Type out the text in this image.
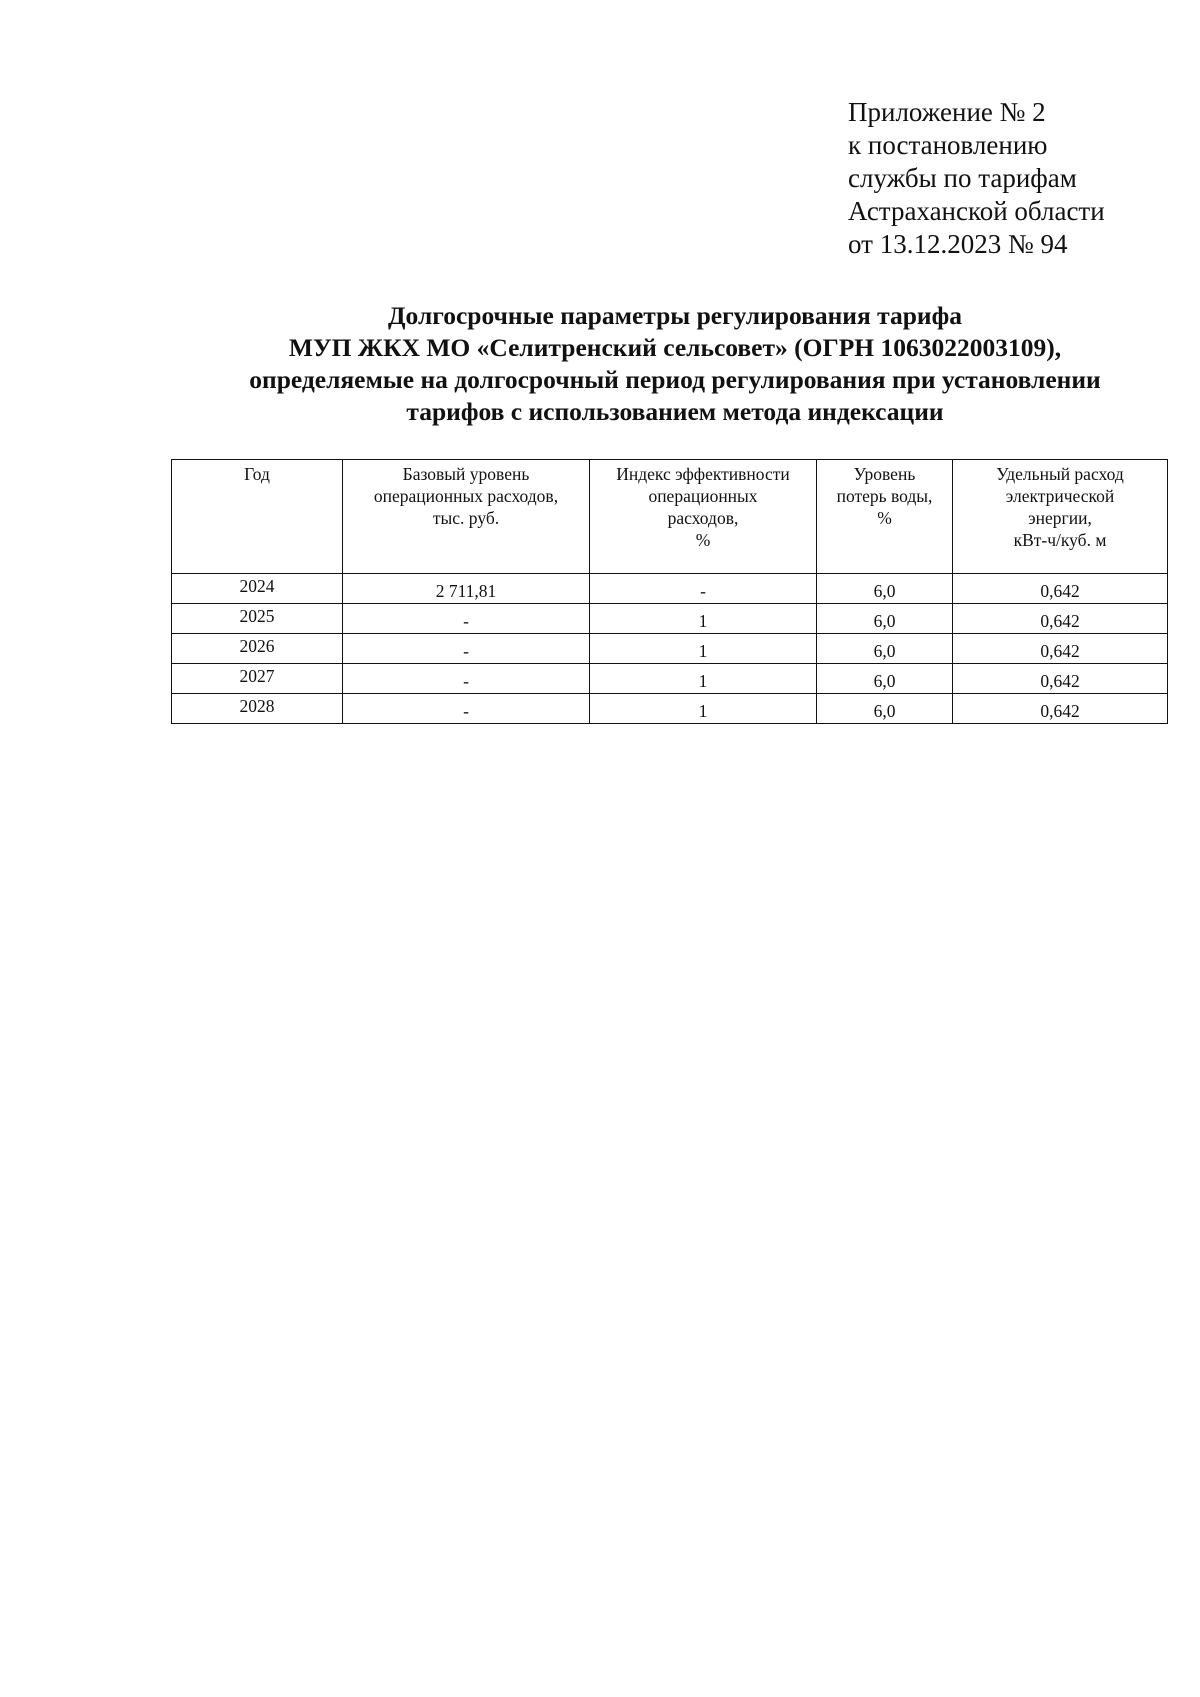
Приложение № 2
к постановлению
службы по тарифам
Астраханской области
от 13.12.2023 № 94
Долгосрочные параметры регулирования тарифа
МУП ЖКХ МО «Селитренский сельсовет» (ОГРН 1063022003109),
определяемые на долгосрочный период регулирования при установлении
тарифов с использованием метода индексации
Год	Базовый уровень
операционных расходов,
тыс. руб.	Индекс эффективности
операционных
расходов,
%	Уровень
потерь воды,
%	Удельный расход
электрической
энергии,
кВт-ч/куб. м
2024	2 711,81	-	6,0	0,642
2025	-	1	6,0	0,642
2026	-	1	6,0	0,642
2027	-	1	6,0	0,642
2028	-	1	6,0	0,642
